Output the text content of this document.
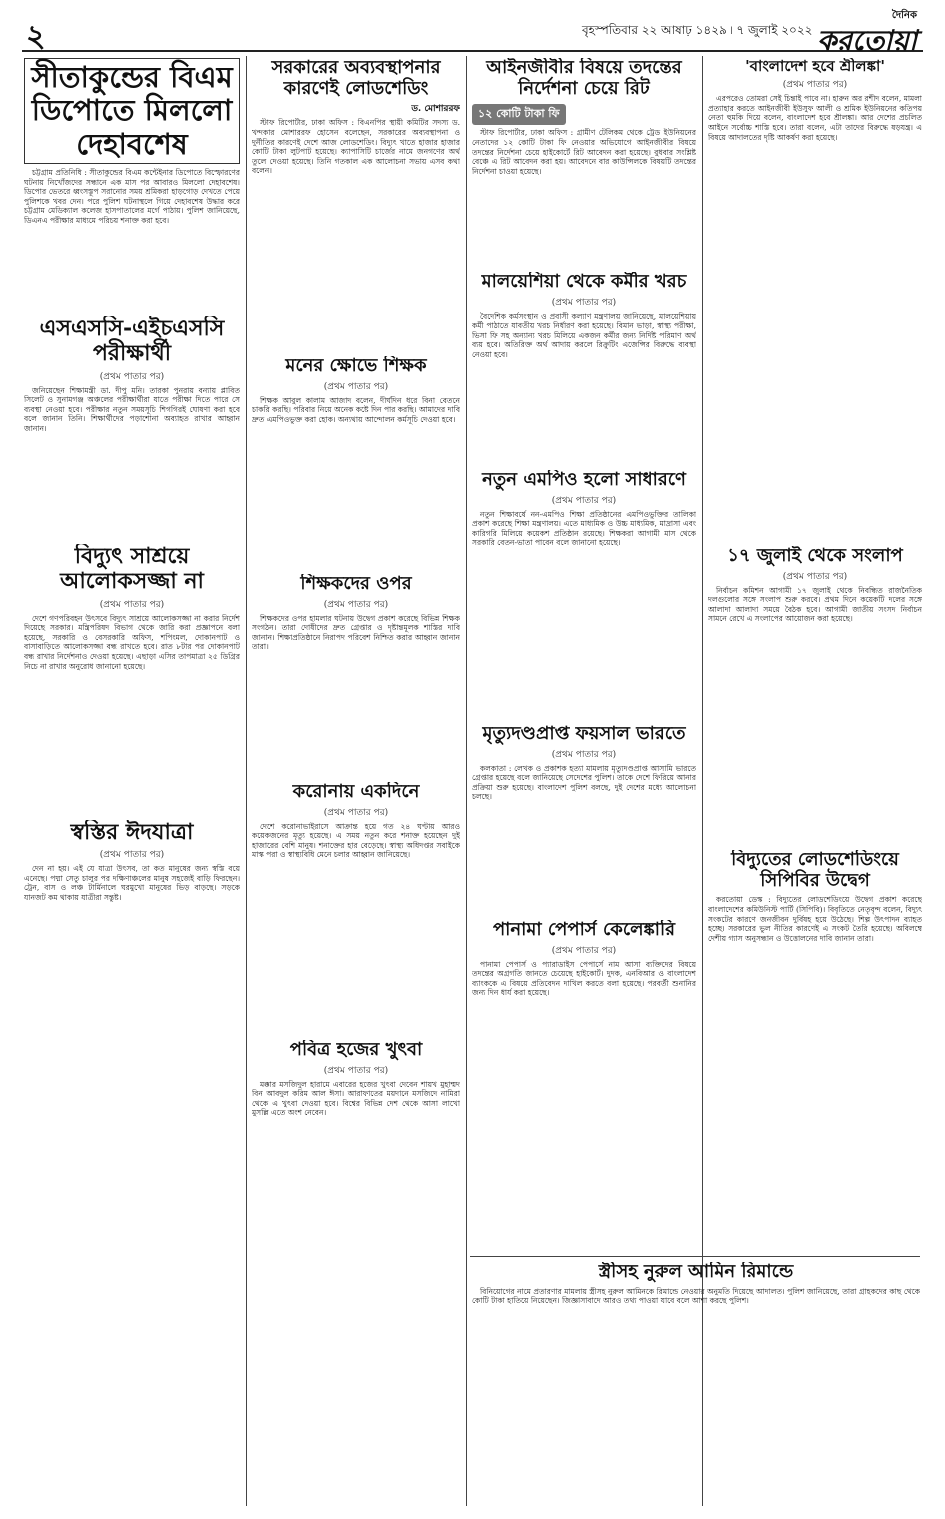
২	বৃহস্পতিবার ২২ আষাঢ় ১৪২৯ ৷ ৭ জুলাই ২০২২
দৈনিক
করতোয়া
সীতাকুন্ডের বিএম ডিপোতে মিললো দেহাবশেষ

চট্টগ্রাম প্রতিনিধি : সীতাকুন্ডের বিএম কন্টেইনার ডিপোতে বিস্ফোরণের ঘটনায় নিখোঁজদের সন্ধানে এক মাস পর আবারও মিললো দেহাবশেষ। ডিপোর ভেতরে ধ্বংসস্তূপ সরানোর সময় শ্রমিকরা হাড়গোড় দেখতে পেয়ে পুলিশকে খবর দেন। পরে পুলিশ ঘটনাস্থলে গিয়ে দেহাবশেষ উদ্ধার করে চট্টগ্রাম মেডিক্যাল কলেজ হাসপাতালের মর্গে পাঠায়। পুলিশ জানিয়েছে, ডিএনএ পরীক্ষার মাধ্যমে পরিচয় শনাক্ত করা হবে।

এসএসসি-এইচএসসি পরীক্ষার্থী
(প্রথম পাতার পর)

জনিয়েছেন শিক্ষামন্ত্রী ডা. দীপু মনি। তারকা পুনরায় বন্যায় প্লাবিত সিলেট ও সুনামগঞ্জ অঞ্চলের পরীক্ষার্থীরা যাতে পরীক্ষা দিতে পারে সে ব্যবস্থা নেওয়া হবে। পরীক্ষার নতুন সময়সূচি শিগগিরই ঘোষণা করা হবে বলে জানান তিনি। শিক্ষার্থীদের পড়াশোনা অব্যাহত রাখার আহ্বান জানান।

বিদ্যুৎ সাশ্রয়ে আলোকসজ্জা না
(প্রথম পাতার পর)

দেশে গণপরিবহন উৎসবে বিদ্যুৎ সাশ্রয়ে আলোকসজ্জা না করার নির্দেশ দিয়েছে সরকার। মন্ত্রিপরিষদ বিভাগ থেকে জারি করা প্রজ্ঞাপনে বলা হয়েছে, সরকারি ও বেসরকারি অফিস, শপিংমল, দোকানপাট ও বাসাবাড়িতে আলোকসজ্জা বন্ধ রাখতে হবে। রাত ৮টার পর দোকানপাট বন্ধ রাখার নির্দেশনাও দেওয়া হয়েছে। এছাড়া এসির তাপমাত্রা ২৫ ডিগ্রির নিচে না রাখার অনুরোধ জানানো হয়েছে।

স্বস্তির ঈদযাত্রা
(প্রথম পাতার পর)

দেন না হয়। এই যে যাত্রা উৎসব, তা কত মানুষের জন্য স্বস্তি বয়ে এনেছে। পদ্মা সেতু চালুর পর দক্ষিণাঞ্চলের মানুষ সহজেই বাড়ি ফিরছেন। ট্রেন, বাস ও লঞ্চ টার্মিনালে ঘরমুখো মানুষের ভিড় বাড়ছে। সড়কে যানজট কম থাকায় যাত্রীরা সন্তুষ্ট।

সরকারের অব্যবস্থাপনার কারণেই লোডশেডিং
ড. মোশাররফ

স্টাফ রিপোর্টার, ঢাকা অফিস : বিএনপির স্থায়ী কমিটির সদস্য ড. খন্দকার মোশাররফ হোসেন বলেছেন, সরকারের অব্যবস্থাপনা ও দুর্নীতির কারণেই দেশে আজ লোডশেডিং। বিদ্যুৎ খাতে হাজার হাজার কোটি টাকা লুটপাট হয়েছে। ক্যাপাসিটি চার্জের নামে জনগণের অর্থ তুলে দেওয়া হয়েছে। তিনি গতকাল এক আলোচনা সভায় এসব কথা বলেন।

পবিত্র হজের খুৎবা
(প্রথম পাতার পর)

মক্কার মসজিদুল হারামে এবারের হজের খুৎবা দেবেন শায়খ মুহাম্মদ বিন আবদুল করিম আল ঈসা। আরাফাতের ময়দানে মসজিদে নামিরা থেকে এ খুৎবা দেওয়া হবে। বিশ্বের বিভিন্ন দেশ থেকে আসা লাখো মুসল্লি এতে অংশ নেবেন।

আইনজীবীর বিষয়ে তদন্তের নির্দেশনা চেয়ে রিট
১২ কোটি টাকা ফি

স্টাফ রিপোর্টার, ঢাকা অফিস : গ্রামীণ টেলিকম থেকে ট্রেড ইউনিয়নের নেতাদের ১২ কোটি টাকা ফি নেওয়ার অভিযোগে আইনজীবীর বিষয়ে তদন্তের নির্দেশনা চেয়ে হাইকোর্টে রিট আবেদন করা হয়েছে। বুধবার সংশ্লিষ্ট বেঞ্চে এ রিট আবেদন করা হয়। আবেদনে বার কাউন্সিলকে বিষয়টি তদন্তের নির্দেশনা চাওয়া হয়েছে।

মালয়েশিয়া থেকে কর্মীর খরচ
(প্রথম পাতার পর)

বৈদেশিক কর্মসংস্থান ও প্রবাসী কল্যাণ মন্ত্রণালয় জানিয়েছে, মালয়েশিয়ায় কর্মী পাঠাতে যাবতীয় খরচ নির্ধারণ করা হয়েছে। বিমান ভাড়া, স্বাস্থ্য পরীক্ষা, ভিসা ফি সহ অন্যান্য খরচ মিলিয়ে একজন কর্মীর জন্য নির্দিষ্ট পরিমাণ অর্থ ব্যয় হবে। অতিরিক্ত অর্থ আদায় করলে রিক্রুটিং এজেন্সির বিরুদ্ধে ব্যবস্থা নেওয়া হবে।

নতুন এমপিও হলো সাধারণে
(প্রথম পাতার পর)

নতুন শিক্ষাবর্ষে নন-এমপিও শিক্ষা প্রতিষ্ঠানের এমপিওভুক্তির তালিকা প্রকাশ করেছে শিক্ষা মন্ত্রণালয়। এতে মাধ্যমিক ও উচ্চ মাধ্যমিক, মাদ্রাসা এবং কারিগরি মিলিয়ে কয়েকশ প্রতিষ্ঠান রয়েছে। শিক্ষকরা আগামী মাস থেকে সরকারি বেতন-ভাতা পাবেন বলে জানানো হয়েছে।

মৃত্যুদণ্ডপ্রাপ্ত ফয়সাল ভারতে
(প্রথম পাতার পর)

কলকাতা : লেখক ও প্রকাশক হত্যা মামলায় মৃত্যুদণ্ডপ্রাপ্ত আসামি ভারতে গ্রেপ্তার হয়েছে বলে জানিয়েছে সেদেশের পুলিশ। তাকে দেশে ফিরিয়ে আনার প্রক্রিয়া শুরু হয়েছে। বাংলাদেশ পুলিশ বলছে, দুই দেশের মধ্যে আলোচনা চলছে।

পানামা পেপার্স কেলেঙ্কারি
(প্রথম পাতার পর)

পানামা পেপার্স ও প্যারাডাইস পেপার্সে নাম আসা ব্যক্তিদের বিষয়ে তদন্তের অগ্রগতি জানতে চেয়েছে হাইকোর্ট। দুদক, এনবিআর ও বাংলাদেশ ব্যাংককে এ বিষয়ে প্রতিবেদন দাখিল করতে বলা হয়েছে। পরবর্তী শুনানির জন্য দিন ধার্য করা হয়েছে।

স্ত্রীসহ নুরুল আমিন রিমান্ডে

বিনিয়োগের নামে প্রতারণার মামলায় স্ত্রীসহ নুরুল আমিনকে রিমান্ডে নেওয়ার অনুমতি দিয়েছে আদালত। পুলিশ জানিয়েছে, তারা গ্রাহকদের কাছ থেকে কোটি টাকা হাতিয়ে নিয়েছেন। জিজ্ঞাসাবাদে আরও তথ্য পাওয়া যাবে বলে আশা করছে পুলিশ।

'বাংলাদেশ হবে শ্রীলঙ্কা'
(প্রথম পাতার পর)

এরপরেও তোমরা সেই চিন্তাই পাবে না। হারুন অর রশীদ বলেন, মামলা প্রত্যাহার করতে আইনজীবী ইউসুফ আলী ও শ্রমিক ইউনিয়নের কতিপয় নেতা হুমকি দিয়ে বলেন, বাংলাদেশ হবে শ্রীলঙ্কা। আর দেশের প্রচলিত আইনে সর্বোচ্চ শাস্তি হবে। তারা বলেন, এটা তাদের বিরুদ্ধে ষড়যন্ত্র। এ বিষয়ে আদালতের দৃষ্টি আকর্ষণ করা হয়েছে।

১৭ জুলাই থেকে সংলাপ
(প্রথম পাতার পর)

নির্বাচন কমিশন আগামী ১৭ জুলাই থেকে নিবন্ধিত রাজনৈতিক দলগুলোর সঙ্গে সংলাপ শুরু করবে। প্রথম দিনে কয়েকটি দলের সঙ্গে আলাদা আলাদা সময়ে বৈঠক হবে। আগামী জাতীয় সংসদ নির্বাচন সামনে রেখে এ সংলাপের আয়োজন করা হয়েছে।

বিদ্যুতের লোডশেডিংয়ে সিপিবির উদ্বেগ

করতোয়া ডেস্ক : বিদ্যুতের লোডশেডিংয়ে উদ্বেগ প্রকাশ করেছে বাংলাদেশের কমিউনিস্ট পার্টি (সিপিবি)। বিবৃতিতে নেতৃবৃন্দ বলেন, বিদ্যুৎ সংকটের কারণে জনজীবন দুর্বিষহ হয়ে উঠেছে। শিল্প উৎপাদন ব্যাহত হচ্ছে। সরকারের ভুল নীতির কারণেই এ সংকট তৈরি হয়েছে। অবিলম্বে দেশীয় গ্যাস অনুসন্ধান ও উত্তোলনের দাবি জানান তারা।

মনের ক্ষোভে শিক্ষক
(প্রথম পাতার পর)

শিক্ষক আবুল কালাম আজাদ বলেন, দীর্ঘদিন ধরে বিনা বেতনে চাকরি করছি। পরিবার নিয়ে অনেক কষ্টে দিন পার করছি। আমাদের দাবি দ্রুত এমপিওভুক্ত করা হোক। অন্যথায় আন্দোলন কর্মসূচি দেওয়া হবে।

শিক্ষকদের ওপর
(প্রথম পাতার পর)

শিক্ষকদের ওপর হামলার ঘটনায় উদ্বেগ প্রকাশ করেছে বিভিন্ন শিক্ষক সংগঠন। তারা দোষীদের দ্রুত গ্রেপ্তার ও দৃষ্টান্তমূলক শাস্তির দাবি জানান। শিক্ষাপ্রতিষ্ঠানে নিরাপদ পরিবেশ নিশ্চিত করার আহ্বান জানান তারা।

করোনায় একদিনে
(প্রথম পাতার পর)

দেশে করোনাভাইরাসে আক্রান্ত হয়ে গত ২৪ ঘণ্টায় আরও কয়েকজনের মৃত্যু হয়েছে। এ সময় নতুন করে শনাক্ত হয়েছেন দুই হাজারের বেশি মানুষ। শনাক্তের হার বেড়েছে। স্বাস্থ্য অধিদপ্তর সবাইকে মাস্ক পরা ও স্বাস্থ্যবিধি মেনে চলার আহ্বান জানিয়েছে।
